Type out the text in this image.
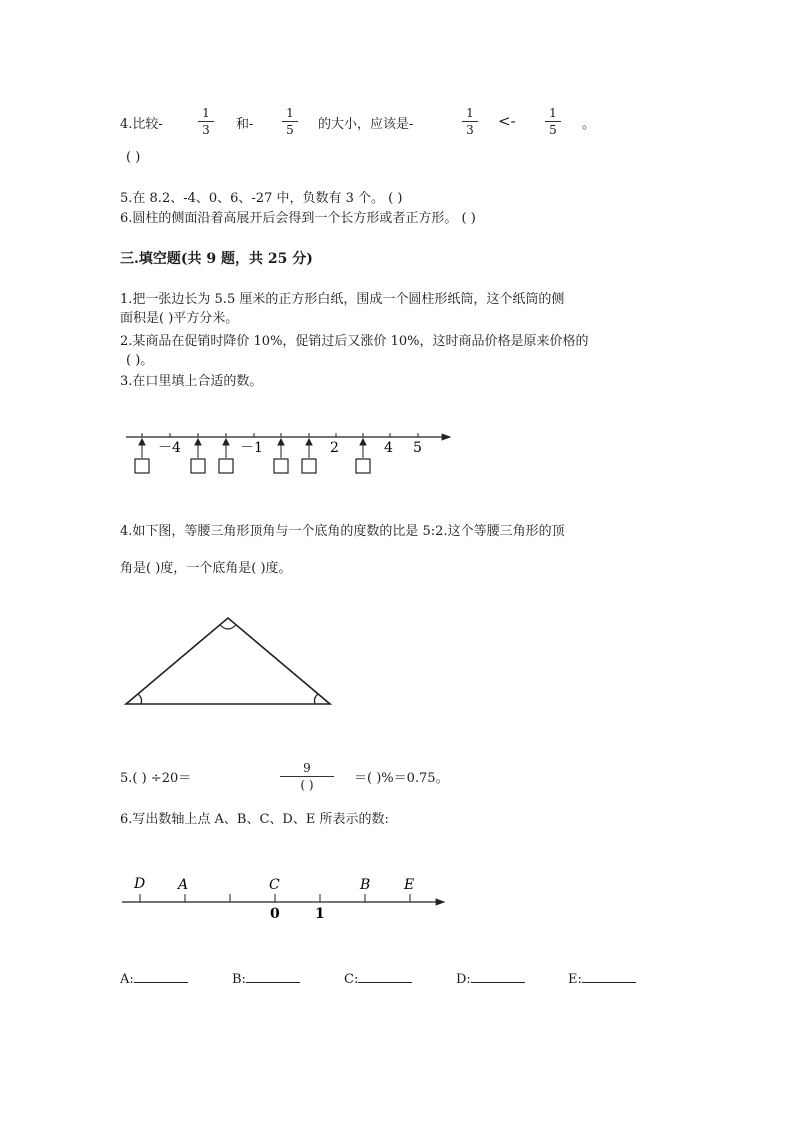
4.比较-
1
3	和-
1
5	的大小，应该是-
1
3 <-	1
5	。
( )
5.在 8.2、-4、0、6、-27 中，负数有 3 个。 ( )
6.圆柱的侧面沿着高展开后会得到一个长方形或者正方形。 ( )
三.填空题(共 9 题，共 25 分)
1.把一张边长为 5.5 厘米的正方形白纸，围成一个圆柱形纸筒，这个纸筒的侧
面积是( )平方分米。
2.某商品在促销时降价 10%，促销过后又涨价 10%，这时商品价格是原来价格的
( )。
3.在口里填上合适的数。
－4	－1	2	4 5
4.如下图，等腰三角形顶角与一个底角的度数的比是 5:2.这个等腰三角形的顶
角是( )度，一个底角是( )度。
5.( ) ÷20＝
9
( )	＝( )%＝0.75。
6.写出数轴上点 A、B、C、D、E 所表示的数:
D A	C	B E
0	1
A:	B:	C:	D:	E:
